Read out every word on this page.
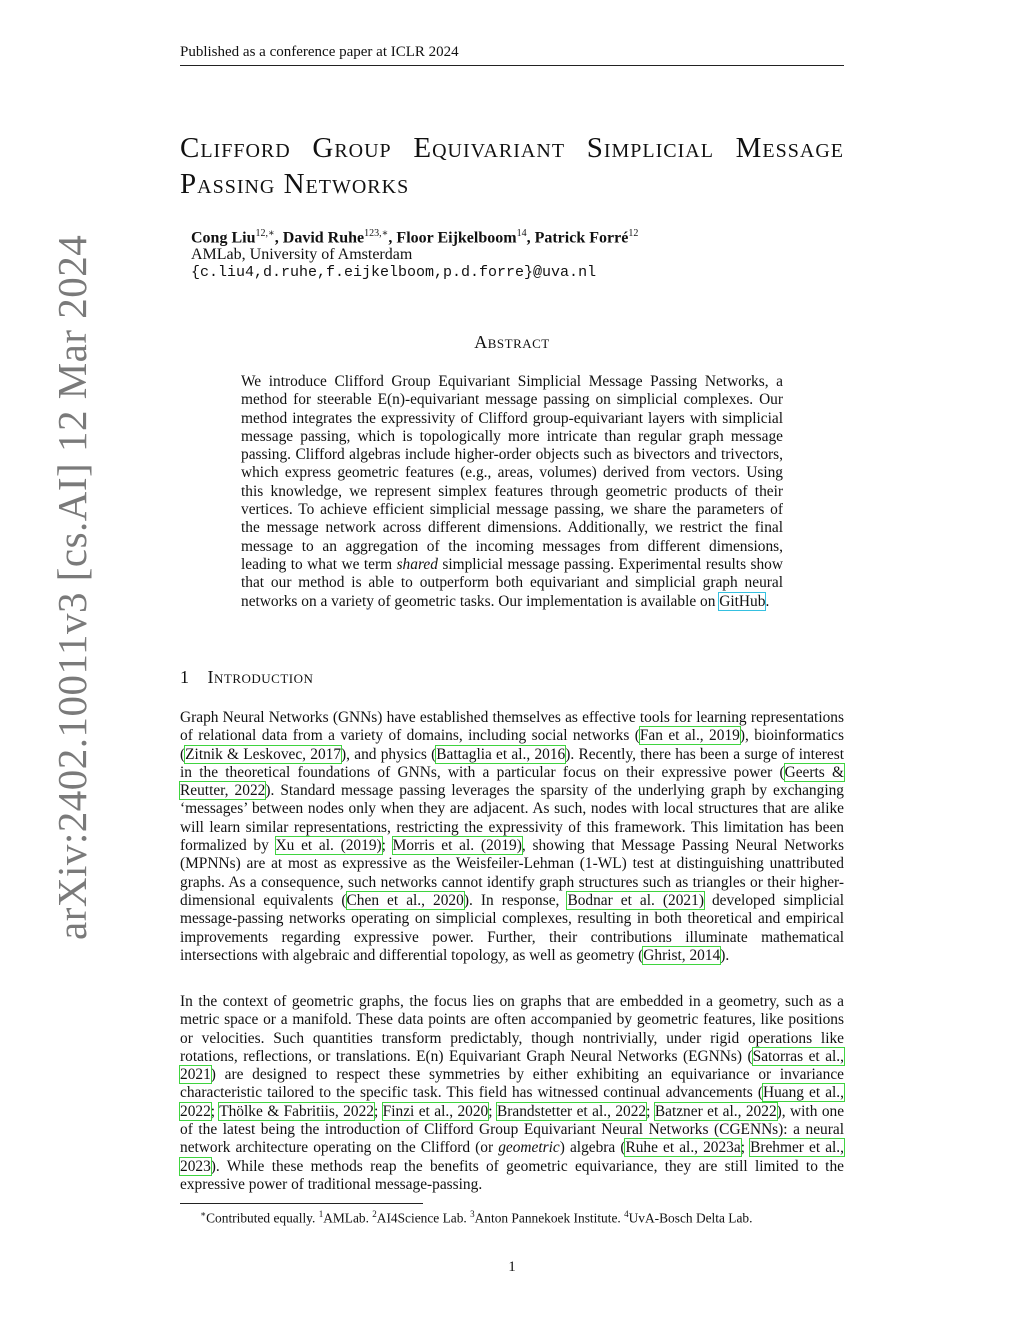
Published as a conference paper at ICLR 2024
arXiv:2402.10011v3 [cs.AI] 12 Mar 2024
Clifford Group Equivariant Simplicial Message Passing Networks
Cong Liu$^{12,∗}$, David Ruhe$^{123,∗}$, Floor Eijkelboom$^{14}$, Patrick Forré$^{12}$
AMLab, University of Amsterdam
{c.liu4,d.ruhe,f.eijkelboom,p.d.forre}@uva.nl
Abstract
We introduce Clifford Group Equivariant Simplicial Message Passing Networks, a method for steerable E(n)-equivariant message passing on simplicial complexes. Our method integrates the expressivity of Clifford group-equivariant layers with simplicial message passing, which is topologically more intricate than regular graph message passing. Clifford algebras include higher-order objects such as bivectors and trivectors, which express geometric features (e.g., areas, volumes) derived from vectors. Using this knowledge, we represent simplex features through geometric products of their vertices. To achieve efficient simplicial message passing, we share the parameters of the message network across different dimensions. Additionally, we restrict the final message to an aggregation of the incoming messages from different dimensions, leading to what we term shared simplicial message passing. Experimental results show that our method is able to outperform both equivariant and simplicial graph neural networks on a variety of geometric tasks. Our implementation is available on GitHub.
1 Introduction
Graph Neural Networks (GNNs) have established themselves as effective tools for learning representations of relational data from a variety of domains, including social networks (Fan et al., 2019), bioinformatics (Zitnik & Leskovec, 2017), and physics (Battaglia et al., 2016). Recently, there has been a surge of interest in the theoretical foundations of GNNs, with a particular focus on their expressive power (Geerts & Reutter, 2022). Standard message passing leverages the sparsity of the underlying graph by exchanging ‘messages’ between nodes only when they are adjacent. As such, nodes with local structures that are alike will learn similar representations, restricting the expressivity of this framework. This limitation has been formalized by Xu et al. (2019); Morris et al. (2019), showing that Message Passing Neural Networks (MPNNs) are at most as expressive as the Weisfeiler-Lehman (1-WL) test at distinguishing unattributed graphs. As a consequence, such networks cannot identify graph structures such as triangles or their higher-dimensional equivalents (Chen et al., 2020). In response, Bodnar et al. (2021) developed simplicial message-passing networks operating on simplicial complexes, resulting in both theoretical and empirical improvements regarding expressive power. Further, their contributions illuminate mathematical intersections with algebraic and differential topology, as well as geometry (Ghrist, 2014).
In the context of geometric graphs, the focus lies on graphs that are embedded in a geometry, such as a metric space or a manifold. These data points are often accompanied by geometric features, like positions or velocities. Such quantities transform predictably, though nontrivially, under rigid operations like rotations, reflections, or translations. E(n) Equivariant Graph Neural Networks (EGNNs) (Satorras et al., 2021) are designed to respect these symmetries by either exhibiting an equivariance or invariance characteristic tailored to the specific task. This field has witnessed continual advancements (Huang et al., 2022; Thölke & Fabritiis, 2022; Finzi et al., 2020; Brandstetter et al., 2022; Batzner et al., 2022), with one of the latest being the introduction of Clifford Group Equivariant Neural Networks (CGENNs): a neural network architecture operating on the Clifford (or geometric) algebra (Ruhe et al., 2023a; Brehmer et al., 2023). While these methods reap the benefits of geometric equivariance, they are still limited to the expressive power of traditional message-passing.
∗Contributed equally. $^1$AMLab. $^2$AI4Science Lab. $^3$Anton Pannekoek Institute. $^4$UvA-Bosch Delta Lab.
1
